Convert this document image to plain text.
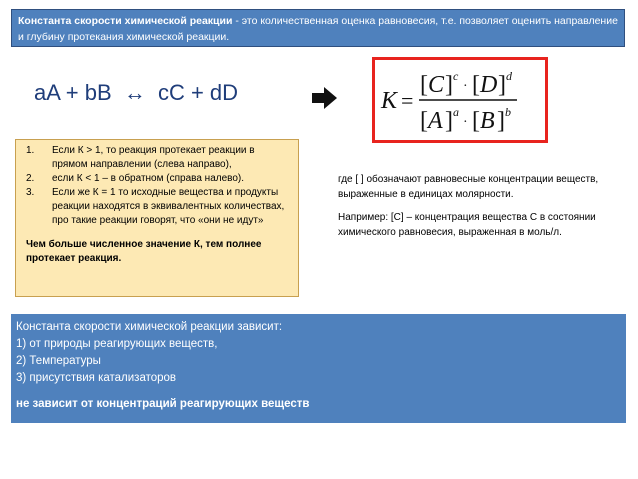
Константа скорости химической реакции - это количественная оценка равновесия, т.е. позволяет оценить направление и глубину протекания химической реакции.
aA + bB ↔ cC + dD	K =
[ C ] c
· [ D ] d
[ A ] a
· [ B ] b
1.	Если К > 1, то реакция протекает реакции в прямом направлении (слева направо),
2.	если К < 1 – в обратном (справа налево).
3.	Если же К = 1 то исходные вещества и продукты реакции находятся в эквивалентных количествах, про такие реакции говорят, что «они не идут»
Чем больше численное значение К, тем полнее протекает реакция.

где [ ] обозначают равновесные концентрации веществ, выраженные в единицах молярности.

Например: [C] – концентрация вещества С в состоянии химического равновесия, выраженная в моль/л.

Константа скорости химической реакции зависит:
1) от природы реагирующих веществ,
2) Температуры
3) присутствия катализаторов
не зависит от концентраций реагирующих веществ
